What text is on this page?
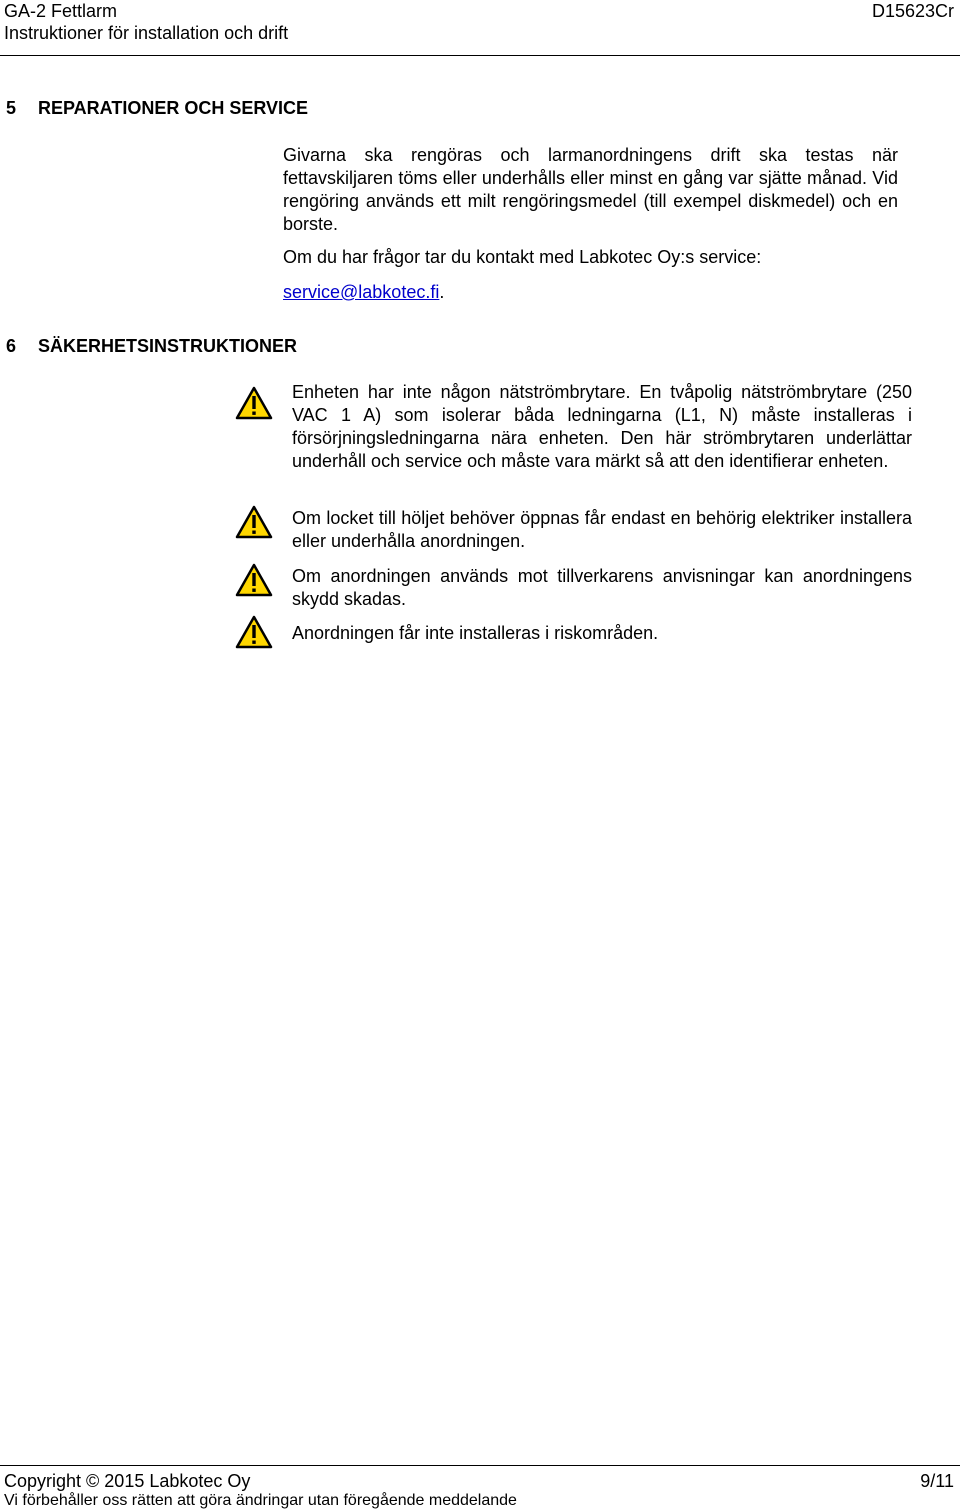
GA-2 Fettlarm
Instruktioner för installation och drift
D15623Cr
5 REPARATIONER OCH SERVICE

Givarna ska rengöras och larmanordningens drift ska testas när fettavskiljaren töms eller underhålls eller minst en gång var sjätte månad. Vid rengöring används ett milt rengöringsmedel (till exempel diskmedel) och en borste.

Om du har frågor tar du kontakt med Labkotec Oy:s service:

service@labkotec.fi.

6 SÄKERHETSINSTRUKTIONER

Enheten har inte någon nätströmbrytare. En tvåpolig nätströmbrytare (250 VAC 1 A) som isolerar båda ledningarna (L1, N) måste installeras i försörjningsledningarna nära enheten. Den här strömbrytaren underlättar underhåll och service och måste vara märkt så att den identifierar enheten.

Om locket till höljet behöver öppnas får endast en behörig elektriker installera eller underhålla anordningen.

Om anordningen används mot tillverkarens anvisningar kan anordningens skydd skadas.

Anordningen får inte installeras i riskområden.

Copyright © 2015 Labkotec Oy	9/11
Vi förbehåller oss rätten att göra ändringar utan föregående meddelande
